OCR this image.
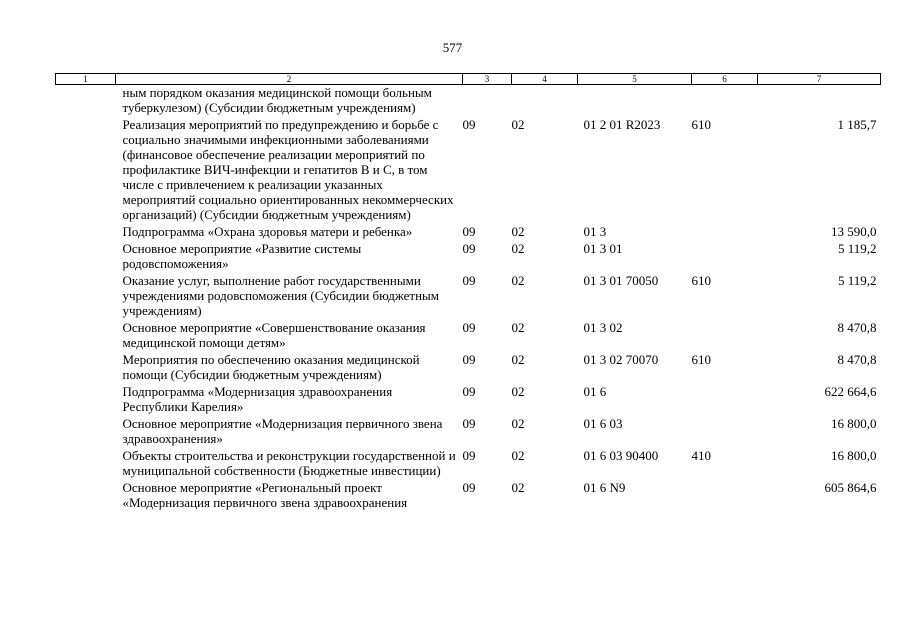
577
1	2	3	4	5	6	7
	ным порядком оказания медицинской помощи больным туберкулезом) (Субсидии бюджетным учреждениям)					
	Реализация мероприятий по предупреждению и борьбе с социально значимыми инфекционными заболеваниями (финансовое обеспечение реализации мероприятий по профилактике ВИЧ-инфекции и гепатитов B и C, в том числе с привлечением к реализации указанных мероприятий социально ориентированных некоммерческих организаций) (Субсидии бюджетным учреждениям)	09	02	01 2 01 R2023	610	1 185,7
	Подпрограмма «Охрана здоровья матери и ребенка»	09	02	01 3		13 590,0
	Основное мероприятие «Развитие системы родовспоможения»	09	02	01 3 01		5 119,2
	Оказание услуг, выполнение работ государственными учреждениями родовспоможения (Субсидии бюджетным учреждениям)	09	02	01 3 01 70050	610	5 119,2
	Основное мероприятие «Совершенствование оказания медицинской помощи детям»	09	02	01 3 02		8 470,8
	Мероприятия по обеспечению оказания медицинской помощи (Субсидии бюджетным учреждениям)	09	02	01 3 02 70070	610	8 470,8
	Подпрограмма «Модернизация здравоохранения Республики Карелия»	09	02	01 6		622 664,6
	Основное мероприятие «Модернизация первичного звена здравоохранения»	09	02	01 6 03		16 800,0
	Объекты строительства и реконструкции государственной и муниципальной собственности (Бюджетные инвестиции)	09	02	01 6 03 90400	410	16 800,0
	Основное мероприятие «Региональный проект «Модернизация первичного звена здравоохранения	09	02	01 6 N9		605 864,6
